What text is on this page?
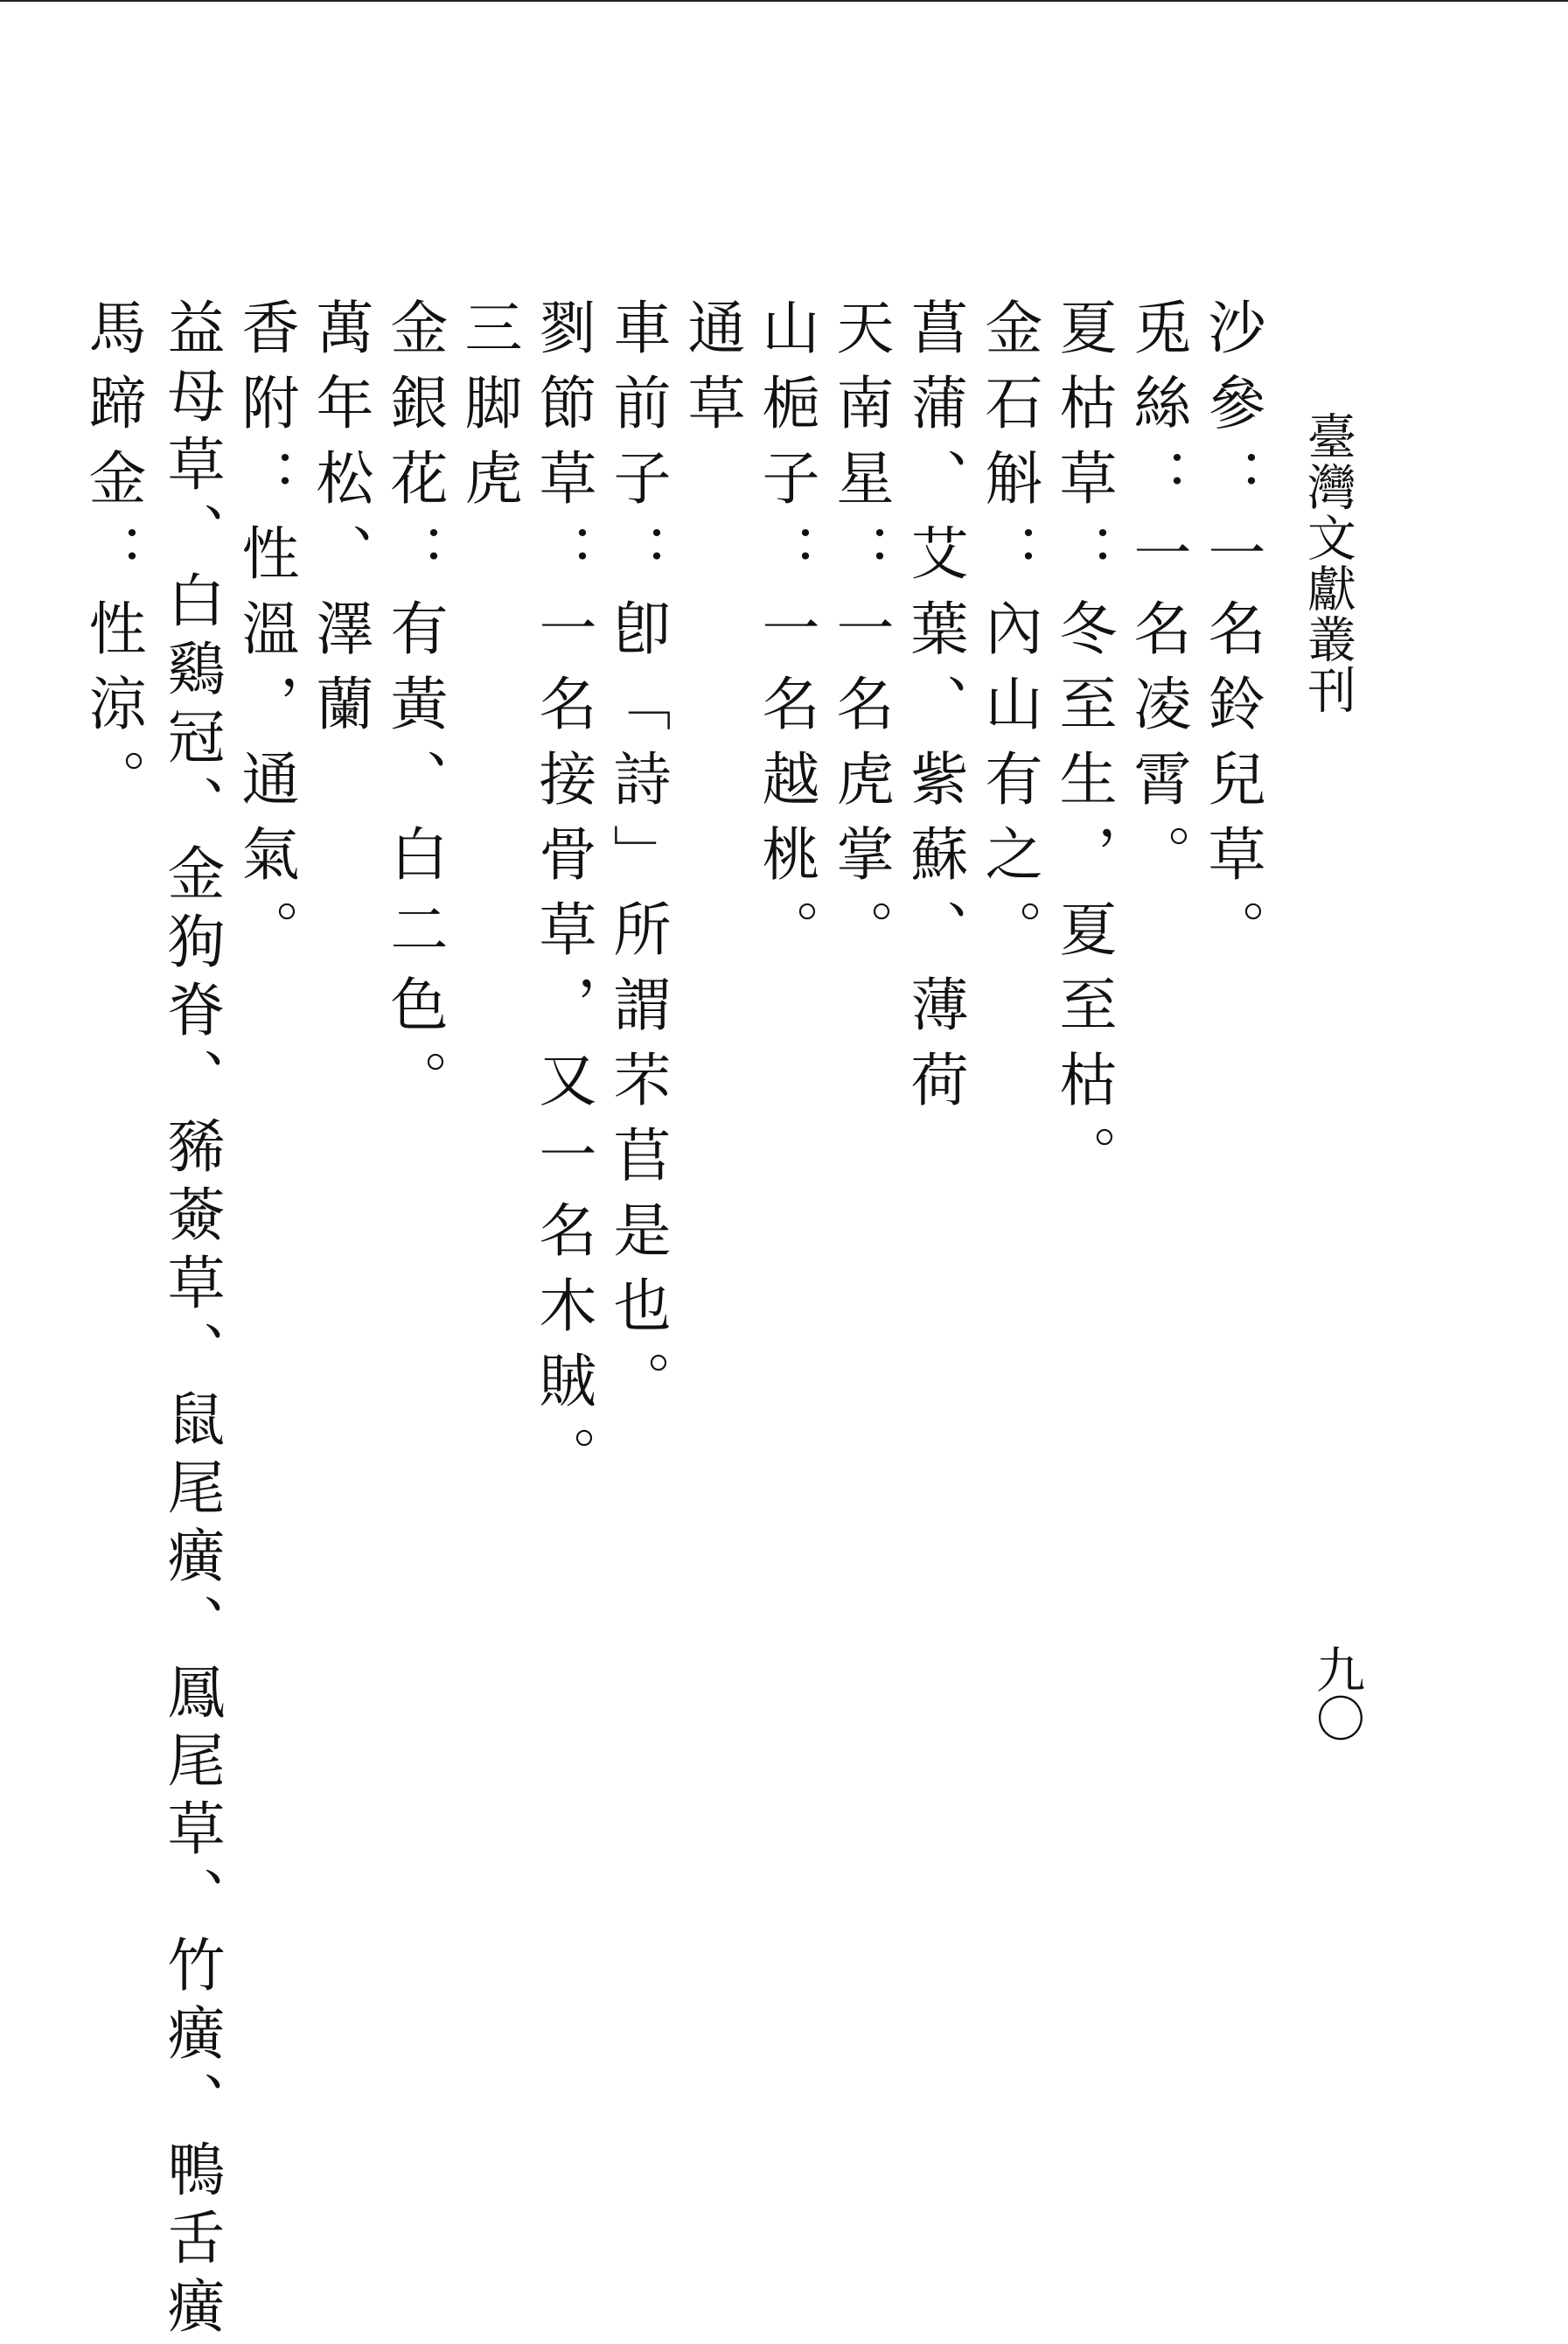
臺灣文獻叢刊
九〇
沙參：一名鈴兒草。
兎絲：一名凌霄。
夏枯草：冬至生，夏至枯。
金石斛：內山有之。
菖蒲、艾葉、紫蘇、薄荷
天南星：一名虎掌。
山梔子：一名越桃。
通草
車前子：卽「詩」所謂芣苢是也。
剹節草：一名接骨草，又一名木賊。
三脚虎
金銀花：有黃、白二色。
萬年松、澤蘭
香附：性溫，通氣。
益母草、白鷄冠、金狗脊、豨薟草、鼠尾癀、鳳尾草、竹癀、鴨舌癀
馬蹄金：性涼。
